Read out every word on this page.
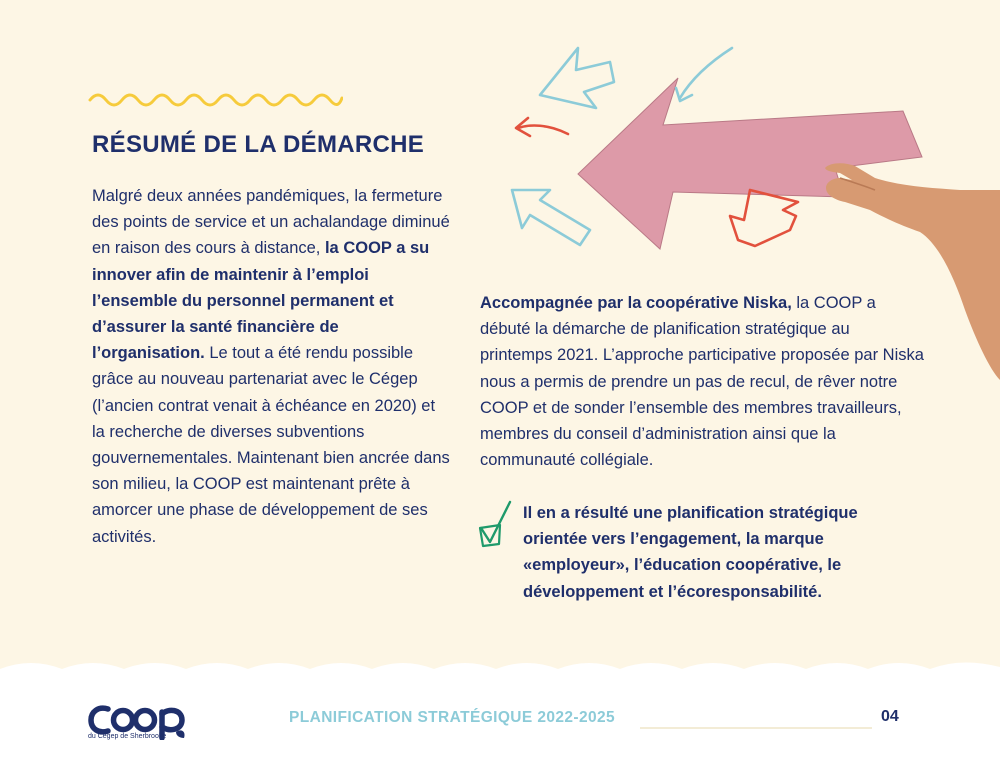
RÉSUMÉ DE LA DÉMARCHE

Malgré deux années pandémiques, la fermeture des points de service et un achalandage diminué en raison des cours à distance, la COOP a su innover afin de maintenir à l’emploi l’ensemble du personnel permanent et d’assurer la santé financière de l’organisation. Le tout a été rendu possible grâce au nouveau partenariat avec le Cégep (l’ancien contrat venait à échéance en 2020) et la recherche de diverses subventions gouvernementales. Maintenant bien ancrée dans son milieu, la COOP est maintenant prête à amorcer une phase de développement de ses activités.

Accompagnée par la coopérative Niska, la COOP a débuté la démarche de planification stratégique au printemps 2021. L’approche participative proposée par Niska nous a permis de prendre un pas de recul, de rêver notre COOP et de sonder l’ensemble des membres travailleurs, membres du conseil d’administration ainsi que la communauté collégiale.

Il en a résulté une planification stratégique orientée vers l’engagement, la marque «employeur», l’éducation coopérative, le développement et l’écoresponsabilité.

du Cégep de Sherbrooke
PLANIFICATION STRATÉGIQUE 2022-2025	04
